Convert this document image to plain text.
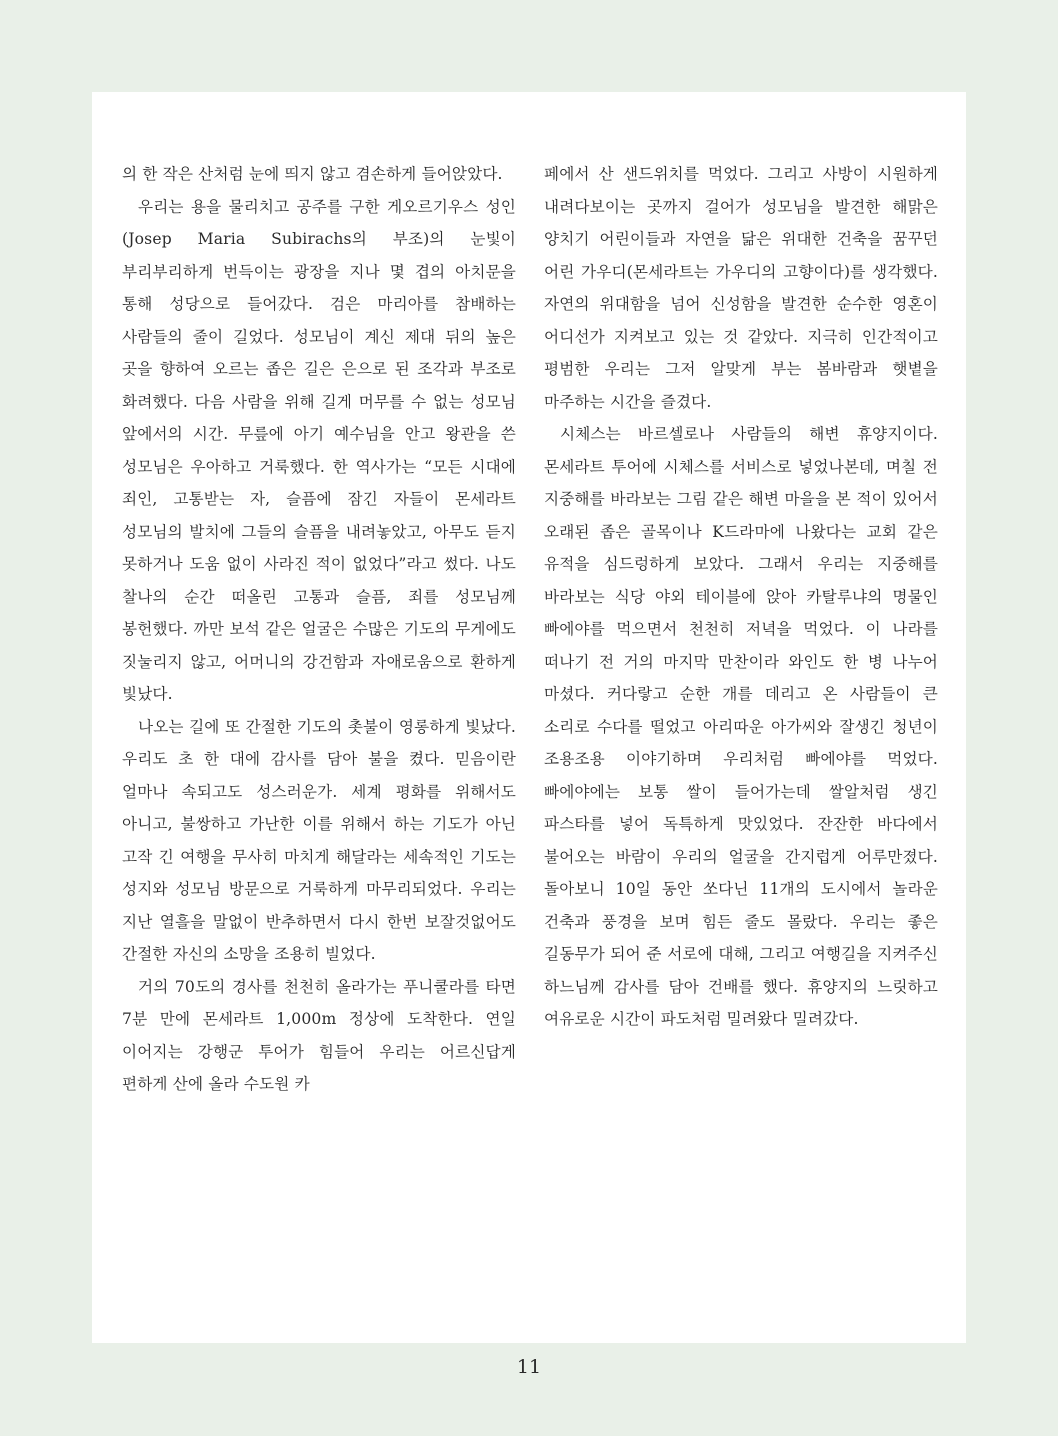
의 한 작은 산처럼 눈에 띄지 않고 겸손하게 들어앉았다.

우리는 용을 물리치고 공주를 구한 게오르기우스 성인(Josep Maria Subirachs의 부조)의 눈빛이 부리부리하게 번득이는 광장을 지나 몇 겹의 아치문을 통해 성당으로 들어갔다. 검은 마리아를 참배하는 사람들의 줄이 길었다. 성모님이 계신 제대 뒤의 높은 곳을 향하여 오르는 좁은 길은 은으로 된 조각과 부조로 화려했다. 다음 사람을 위해 길게 머무를 수 없는 성모님 앞에서의 시간. 무릎에 아기 예수님을 안고 왕관을 쓴 성모님은 우아하고 거룩했다. 한 역사가는 “모든 시대에 죄인, 고통받는 자, 슬픔에 잠긴 자들이 몬세라트 성모님의 발치에 그들의 슬픔을 내려놓았고, 아무도 듣지 못하거나 도움 없이 사라진 적이 없었다”라고 썼다. 나도 찰나의 순간 떠올린 고통과 슬픔, 죄를 성모님께 봉헌했다. 까만 보석 같은 얼굴은 수많은 기도의 무게에도 짓눌리지 않고, 어머니의 강건함과 자애로움으로 환하게 빛났다.

나오는 길에 또 간절한 기도의 촛불이 영롱하게 빛났다. 우리도 초 한 대에 감사를 담아 불을 켰다. 믿음이란 얼마나 속되고도 성스러운가. 세계 평화를 위해서도 아니고, 불쌍하고 가난한 이를 위해서 하는 기도가 아닌 고작 긴 여행을 무사히 마치게 해달라는 세속적인 기도는 성지와 성모님 방문으로 거룩하게 마무리되었다. 우리는 지난 열흘을 말없이 반추하면서 다시 한번 보잘것없어도 간절한 자신의 소망을 조용히 빌었다.

거의 70도의 경사를 천천히 올라가는 푸니쿨라를 타면 7분 만에 몬세라트 1,000m 정상에 도착한다. 연일 이어지는 강행군 투어가 힘들어 우리는 어르신답게 편하게 산에 올라 수도원 카

페에서 산 샌드위치를 먹었다. 그리고 사방이 시원하게 내려다보이는 곳까지 걸어가 성모님을 발견한 해맑은 양치기 어린이들과 자연을 닮은 위대한 건축을 꿈꾸던 어린 가우디(몬세라트는 가우디의 고향이다)를 생각했다. 자연의 위대함을 넘어 신성함을 발견한 순수한 영혼이 어디선가 지켜보고 있는 것 같았다. 지극히 인간적이고 평범한 우리는 그저 알맞게 부는 봄바람과 햇볕을 마주하는 시간을 즐겼다.

시체스는 바르셀로나 사람들의 해변 휴양지이다. 몬세라트 투어에 시체스를 서비스로 넣었나본데, 며칠 전 지중해를 바라보는 그림 같은 해변 마을을 본 적이 있어서 오래된 좁은 골목이나 K드라마에 나왔다는 교회 같은 유적을 심드렁하게 보았다. 그래서 우리는 지중해를 바라보는 식당 야외 테이블에 앉아 카탈루냐의 명물인 빠에야를 먹으면서 천천히 저녁을 먹었다. 이 나라를 떠나기 전 거의 마지막 만찬이라 와인도 한 병 나누어 마셨다. 커다랗고 순한 개를 데리고 온 사람들이 큰 소리로 수다를 떨었고 아리따운 아가씨와 잘생긴 청년이 조용조용 이야기하며 우리처럼 빠에야를 먹었다. 빠에야에는 보통 쌀이 들어가는데 쌀알처럼 생긴 파스타를 넣어 독특하게 맛있었다. 잔잔한 바다에서 불어오는 바람이 우리의 얼굴을 간지럽게 어루만졌다. 돌아보니 10일 동안 쏘다닌 11개의 도시에서 놀라운 건축과 풍경을 보며 힘든 줄도 몰랐다. 우리는 좋은 길동무가 되어 준 서로에 대해, 그리고 여행길을 지켜주신 하느님께 감사를 담아 건배를 했다. 휴양지의 느릿하고 여유로운 시간이 파도처럼 밀려왔다 밀려갔다.

11
